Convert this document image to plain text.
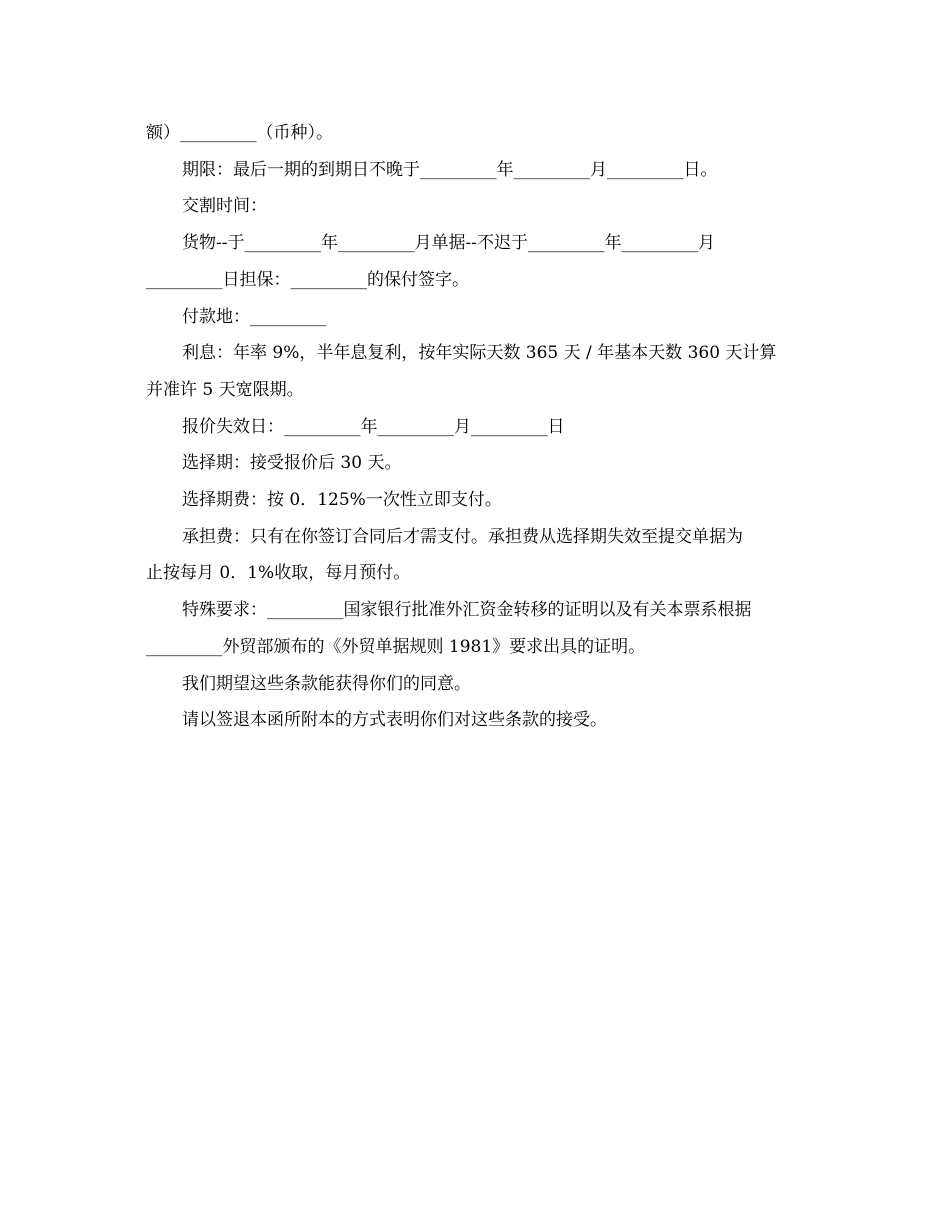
额）_________（币种）。

期限：最后一期的到期日不晚于_________年_________月_________日。

交割时间：

货物--于_________年_________月单据--不迟于_________年_________月

_________日担保：_________的保付签字。

付款地：_________

利息：年率 9%，半年息复利，按年实际天数 365 天 / 年基本天数 360 天计算

并准许 5 天宽限期。

报价失效日：_________年_________月_________日

选择期：接受报价后 30 天。

选择期费：按 0．125%一次性立即支付。

承担费：只有在你签订合同后才需支付。承担费从选择期失效至提交单据为

止按每月 0．1%收取，每月预付。

特殊要求：_________国家银行批准外汇资金转移的证明以及有关本票系根据

_________外贸部颁布的《外贸单据规则 1981》要求出具的证明。

我们期望这些条款能获得你们的同意。

请以签退本函所附本的方式表明你们对这些条款的接受。
